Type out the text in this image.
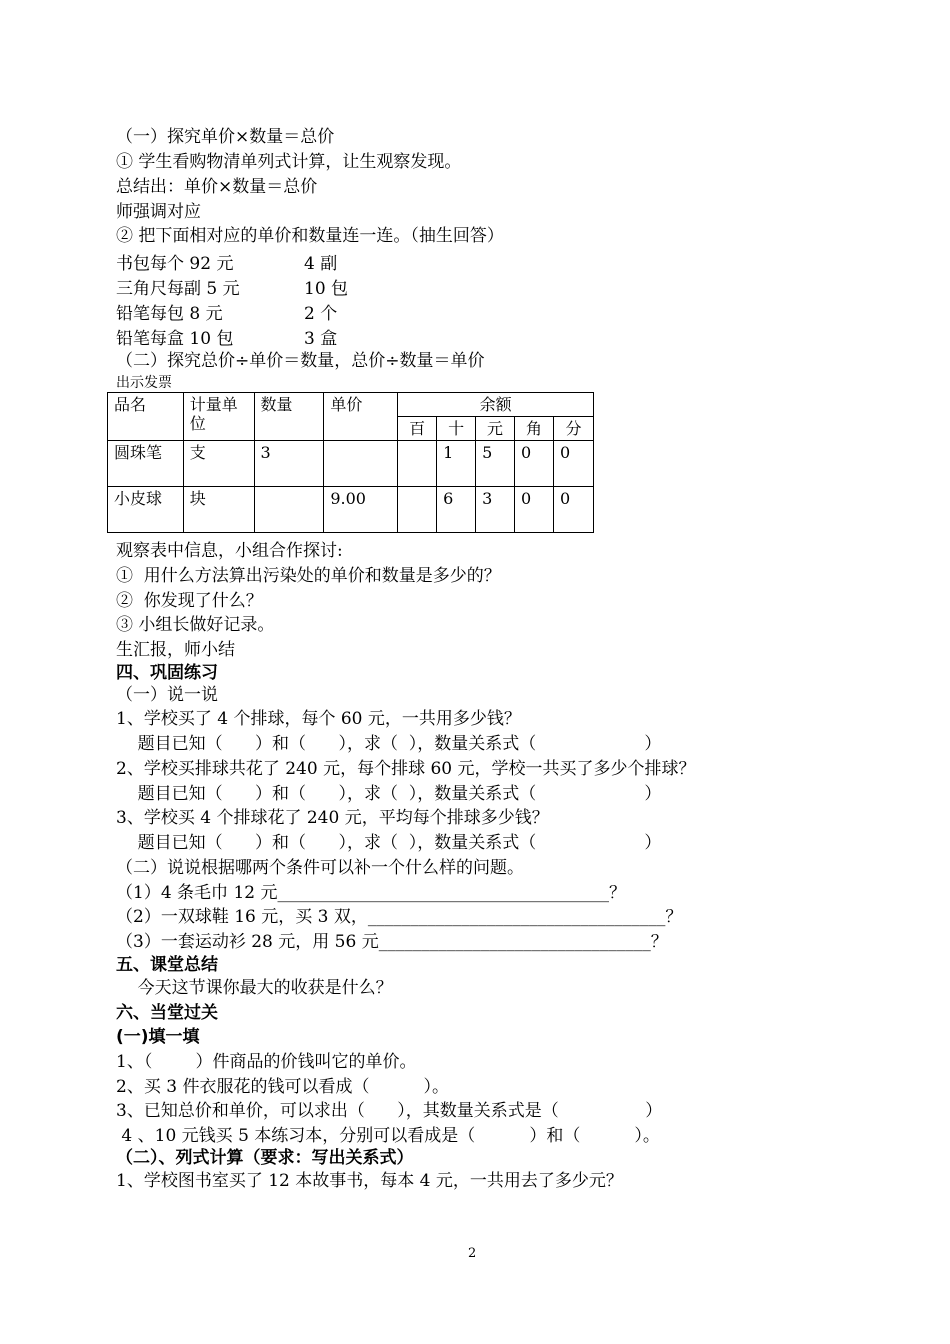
（一）探究单价×数量＝总价
① 学生看购物清单列式计算，让生观察发现。
总结出：单价×数量＝总价
师强调对应
② 把下面相对应的单价和数量连一连。（抽生回答）
书包每个 92 元	4 副
三角尺每副 5 元	10 包
铅笔每包 8 元	2 个
铅笔每盒 10 包	3 盒
（二）探究总价÷单价＝数量，总价÷数量＝单价
出示发票
品名	计量单位	数量	单价	余额				
				百	十	元	角	分
圆珠笔	支	3			1	5	0	0
小皮球	块		9.00		6	3	0	0
观察表中信息，小组合作探讨:
①  用什么方法算出污染处的单价和数量是多少的？
②  你发现了什么？
③ 小组长做好记录。
生汇报，师小结
四、巩固练习
（一）说一说
1、学校买了 4 个排球，每个 60 元，一共用多少钱？
题目已知（      ）和（      ），求（  ），数量关系式（                    ）
2、学校买排球共花了 240 元，每个排球 60 元，学校一共买了多少个排球？
题目已知（      ）和（      ），求（  ），数量关系式（                    ）
3、学校买 4 个排球花了 240 元，平均每个排球多少钱？
题目已知（      ）和（      ），求（  ），数量关系式（                    ）
（二）说说根据哪两个条件可以补一个什么样的问题。
（1）4 条毛巾 12 元_______________________________________？
（2）一双球鞋 16 元，买 3 双，___________________________________？
（3）一套运动衫 28 元，用 56 元________________________________？
五、课堂总结
今天这节课你最大的收获是什么？
六、当堂过关
(一)填一填
1、（        ）件商品的价钱叫它的单价。
2、买 3 件衣服花的钱可以看成（          ）。
3、已知总价和单价，可以求出（      ），其数量关系式是（                ）
4 、10 元钱买 5 本练习本，分别可以看成是（          ）和（          ）。
（二）、列式计算（要求：写出关系式）
1、学校图书室买了 12 本故事书，每本 4 元，一共用去了多少元？
2
